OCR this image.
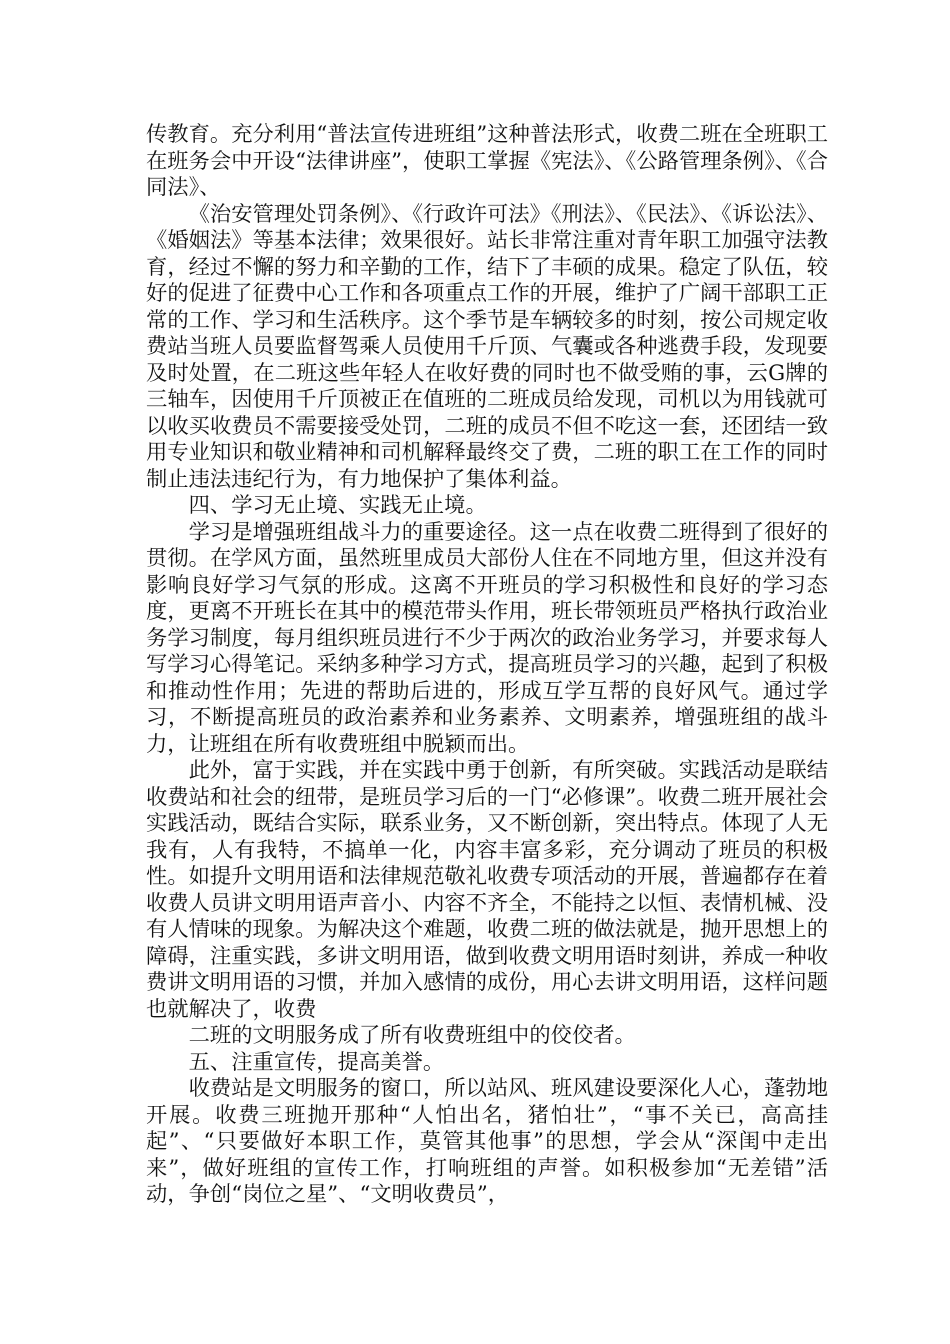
传教育。充分利用“普法宣传进班组”这种普法形式，收费二班在全班职工在班务会中开设“法律讲座”，使职工掌握《宪法》、《公路管理条例》、《合同法》、

《治安管理处罚条例》、《行政许可法》《刑法》、《民法》、《诉讼法》、《婚姻法》等基本法律；效果很好。站长非常注重对青年职工加强守法教育，经过不懈的努力和辛勤的工作，结下了丰硕的成果。稳定了队伍，较好的促进了征费中心工作和各项重点工作的开展，维护了广阔干部职工正常的工作、学习和生活秩序。这个季节是车辆较多的时刻，按公司规定收费站当班人员要监督驾乘人员使用千斤顶、气囊或各种逃费手段，发现要及时处置，在二班这些年轻人在收好费的同时也不做受贿的事，云G牌的三轴车，因使用千斤顶被正在值班的二班成员给发现，司机以为用钱就可以收买收费员不需要接受处罚，二班的成员不但不吃这一套，还团结一致用专业知识和敬业精神和司机解释最终交了费，二班的职工在工作的同时制止违法违纪行为，有力地保护了集体利益。

四、学习无止境、实践无止境。

学习是增强班组战斗力的重要途径。这一点在收费二班得到了很好的贯彻。在学风方面，虽然班里成员大部份人住在不同地方里，但这并没有影响良好学习气氛的形成。这离不开班员的学习积极性和良好的学习态度，更离不开班长在其中的模范带头作用，班长带领班员严格执行政治业务学习制度，每月组织班员进行不少于两次的政治业务学习，并要求每人写学习心得笔记。采纳多种学习方式，提高班员学习的兴趣，起到了积极和推动性作用；先进的帮助后进的，形成互学互帮的良好风气。通过学习，不断提高班员的政治素养和业务素养、文明素养，增强班组的战斗力，让班组在所有收费班组中脱颖而出。

此外，富于实践，并在实践中勇于创新，有所突破。实践活动是联结收费站和社会的纽带，是班员学习后的一门“必修课”。收费二班开展社会实践活动，既结合实际，联系业务，又不断创新，突出特点。体现了人无我有，人有我特，不搞单一化，内容丰富多彩，充分调动了班员的积极性。如提升文明用语和法律规范敬礼收费专项活动的开展，普遍都存在着收费人员讲文明用语声音小、内容不齐全，不能持之以恒、表情机械、没有人情味的现象。为解决这个难题，收费二班的做法就是，抛开思想上的障碍，注重实践，多讲文明用语，做到收费文明用语时刻讲，养成一种收费讲文明用语的习惯，并加入感情的成份，用心去讲文明用语，这样问题也就解决了，收费

二班的文明服务成了所有收费班组中的佼佼者。

五、注重宣传，提高美誉。

收费站是文明服务的窗口，所以站风、班风建设要深化人心，蓬勃地开展。收费三班抛开那种“人怕出名，猪怕壮”，“事不关已，高高挂起”、“只要做好本职工作，莫管其他事”的思想，学会从“深闺中走出来”，做好班组的宣传工作，打响班组的声誉。如积极参加“无差错”活动，争创“岗位之星”、“文明收费员”，
